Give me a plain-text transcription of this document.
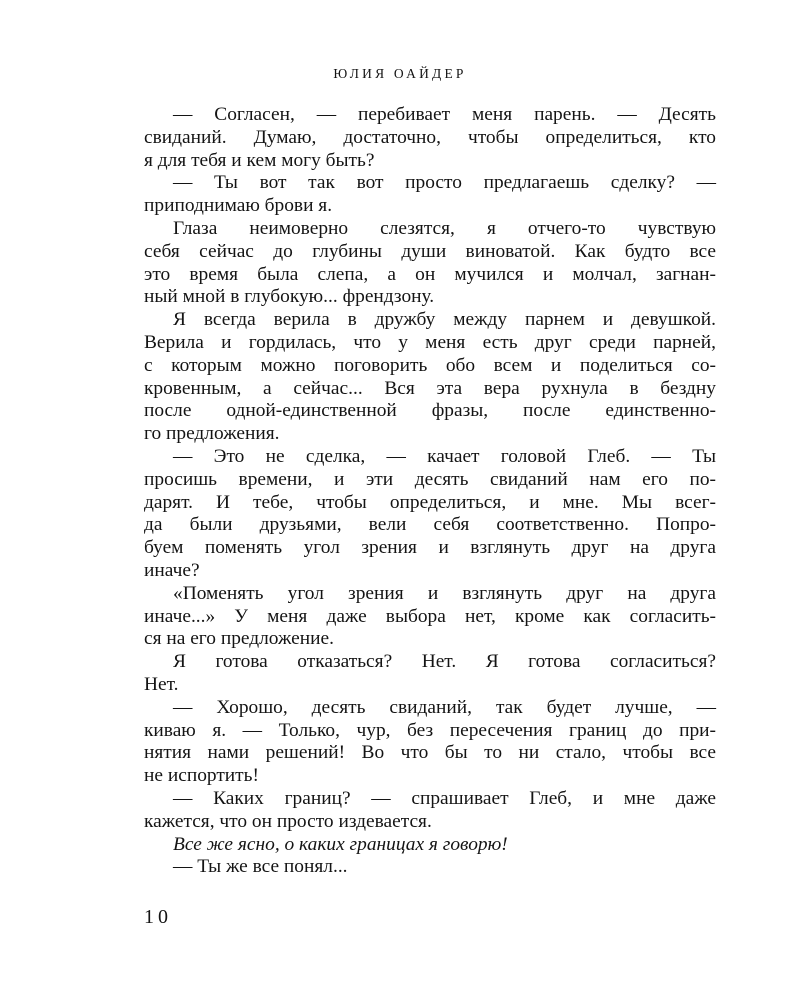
ЮЛИЯ ОАЙДЕР
— Согласен, — перебивает меня парень. — Десять
свиданий. Думаю, достаточно, чтобы определиться, кто
я для тебя и кем могу быть?
— Ты вот так вот просто предлагаешь сделку? —
приподнимаю брови я.
Глаза неимоверно слезятся, я отчего-то чувствую
себя сейчас до глубины души виноватой. Как будто все
это время была слепа, а он мучился и молчал, загнан-
ный мной в глубокую... френдзону.
Я всегда верила в дружбу между парнем и девушкой.
Верила и гордилась, что у меня есть друг среди парней,
с которым можно поговорить обо всем и поделиться со-
кровенным, а сейчас... Вся эта вера рухнула в бездну
после одной-единственной фразы, после единственно-
го предложения.
— Это не сделка, — качает головой Глеб. — Ты
просишь времени, и эти десять свиданий нам его по-
дарят. И тебе, чтобы определиться, и мне. Мы всег-
да были друзьями, вели себя соответственно. Попро-
буем поменять угол зрения и взглянуть друг на друга
иначе?
«Поменять угол зрения и взглянуть друг на друга
иначе...» У меня даже выбора нет, кроме как согласить-
ся на его предложение.
Я готова отказаться? Нет. Я готова согласиться?
Нет.
— Хорошо, десять свиданий, так будет лучше, —
киваю я. — Только, чур, без пересечения границ до при-
нятия нами решений! Во что бы то ни стало, чтобы все
не испортить!
— Каких границ? — спрашивает Глеб, и мне даже
кажется, что он просто издевается.
Все же ясно, о каких границах я говорю!
— Ты же все понял...
10
